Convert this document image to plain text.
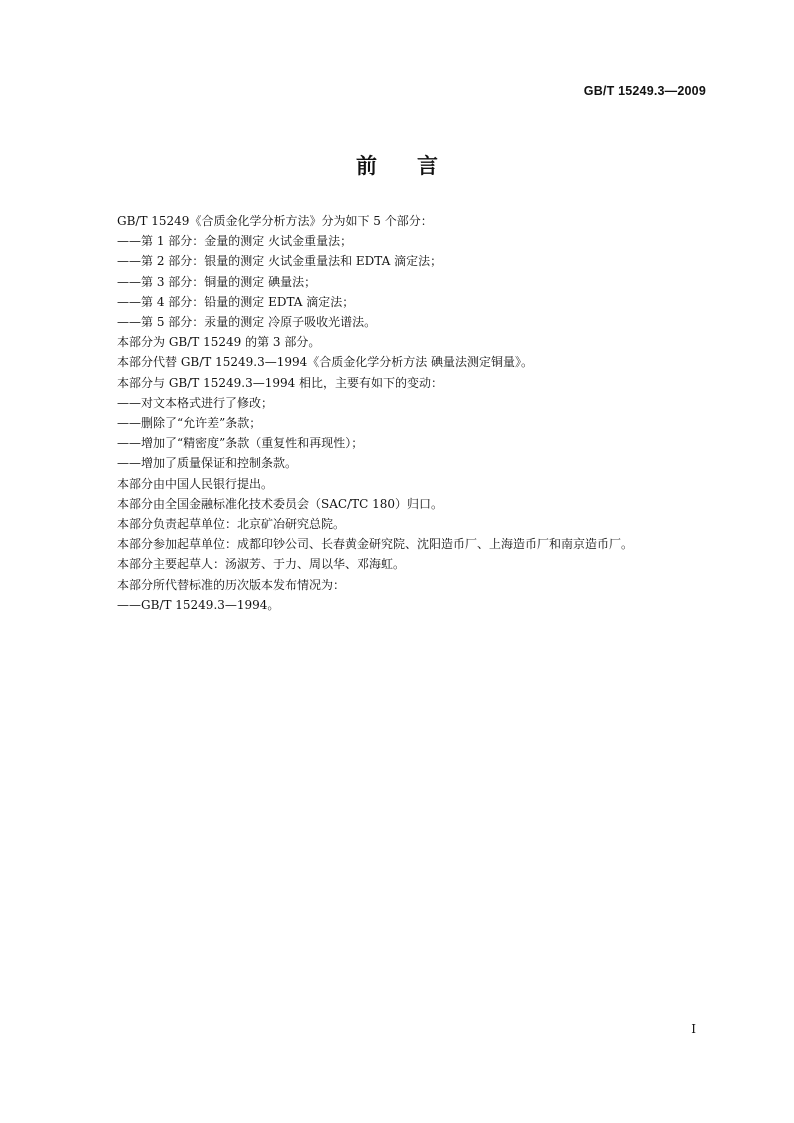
GB/T 15249.3—2009
前 言
GB/T 15249《合质金化学分析方法》分为如下 5 个部分：
——第 1 部分：金量的测定 火试金重量法；
——第 2 部分：银量的测定 火试金重量法和 EDTA 滴定法；
——第 3 部分：铜量的测定 碘量法；
——第 4 部分：铅量的测定 EDTA 滴定法；
——第 5 部分：汞量的测定 冷原子吸收光谱法。
本部分为 GB/T 15249 的第 3 部分。
本部分代替 GB/T 15249.3—1994《合质金化学分析方法 碘量法测定铜量》。
本部分与 GB/T 15249.3—1994 相比，主要有如下的变动：
——对文本格式进行了修改；
——删除了“允许差”条款；
——增加了“精密度”条款（重复性和再现性）；
——增加了质量保证和控制条款。
本部分由中国人民银行提出。
本部分由全国金融标准化技术委员会（SAC/TC 180）归口。
本部分负责起草单位：北京矿冶研究总院。
本部分参加起草单位：成都印钞公司、长春黄金研究院、沈阳造币厂、上海造币厂和南京造币厂。
本部分主要起草人：汤淑芳、于力、周以华、邓海虹。
本部分所代替标准的历次版本发布情况为：
——GB/T 15249.3—1994。
I
